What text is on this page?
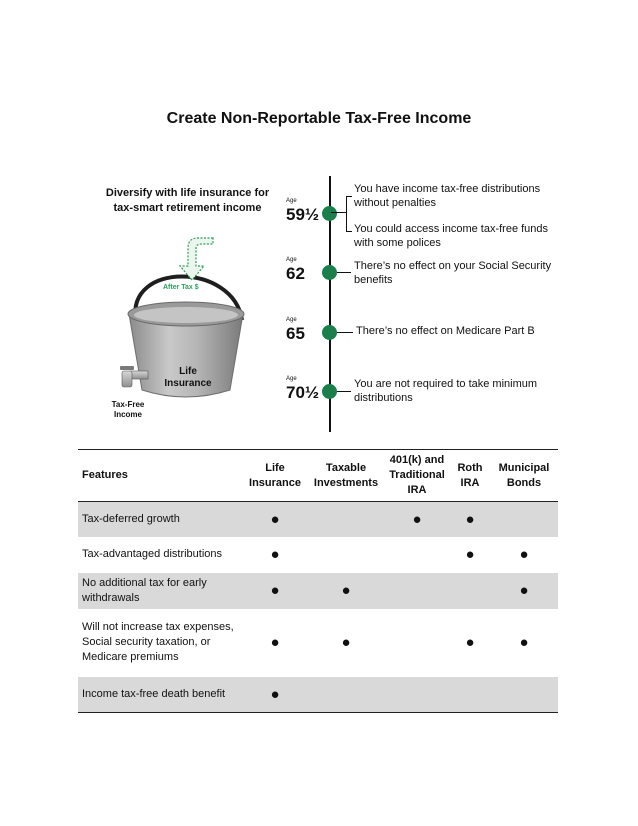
Create Non-Reportable Tax-Free Income
Diversify with life insurance for tax-smart retirement income
After Tax $
Life
Insurance
Tax-Free
Income
Age
59½
You have income tax-free distributions without penalties
You could access income tax-free funds with some polices
Age
62	There’s no effect on your Social Security benefits
Age
65	There’s no effect on Medicare Part B
Age
70½	You are not required to take minimum distributions
Features	Life Insurance	Taxable Investments	401(k) and Traditional IRA	Roth IRA	Municipal Bonds
Tax-deferred growth	●		●	●	
Tax-advantaged distributions	●			●	●
No additional tax for early withdrawals	●	●			●
Will not increase tax expenses, Social security taxation, or Medicare premiums	●	●		●	●
Income tax-free death benefit	●				
